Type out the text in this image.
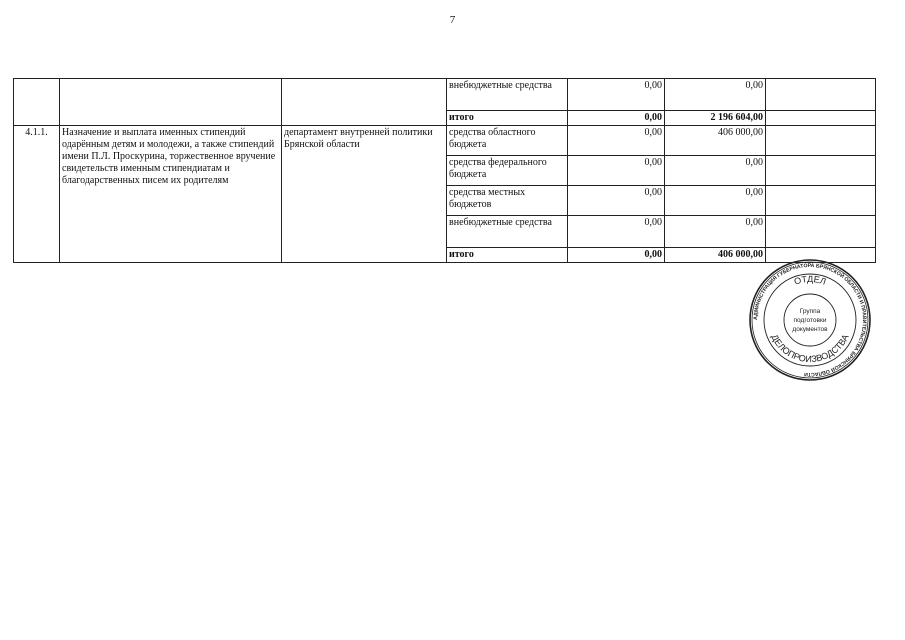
7
			внебюджетные средства	0,00	0,00	
			итого	0,00	2 196 604,00	
4.1.1.	Назначение и выплата именных стипендий одарённым детям и молодежи, а также стипендий имени П.Л. Проскурина, торжественное вручение свидетельств именным стипендиатам и благодарственных писем их родителям	департамент внутренней политики Брянской области	средства областного бюджета	0,00	406 000,00	
			средства федерального бюджета	0,00	0,00	
			средства местных бюджетов	0,00	0,00	
			внебюджетные средства	0,00	0,00	
			итого	0,00	406 000,00	
АДМИНИСТРАЦИЯ ГУБЕРНАТОРА БРЯНСКОЙ ОБЛАСТИ И ПРАВИТЕЛЬСТВА БРЯНСКОЙ ОБЛАСТИ
ОТДЕЛ
ДЕЛОПРОИЗВОДСТВА
Группа
подготовки
документов
